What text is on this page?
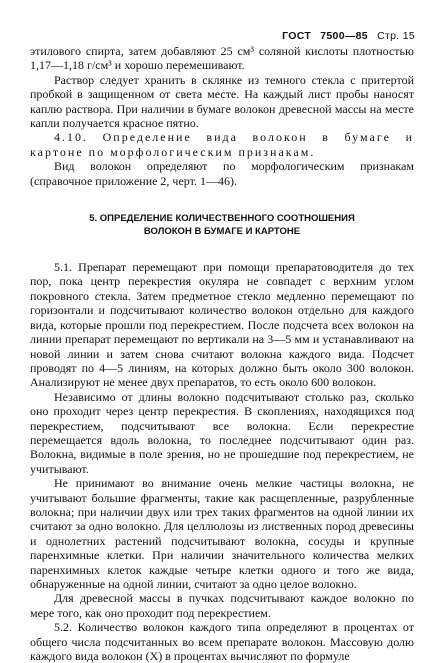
ГОСТ 7500—85 Стр. 15

этилового спирта, затем добавляют 25 см³ соляной кислоты плотностью 1,17—1,18 г/см³ и хорошо перемешивают.

Раствор следует хранить в склянке из темного стекла с притертой пробкой в защищенном от света месте. На каждый лист пробы наносят каплю раствора. При наличии в бумаге волокон древесной массы на месте капли получается красное пятно.

4.10. Определение вида волокон в бумаге и картоне по морфологическим признакам.

Вид волокон определяют по морфологическим признакам (справочное приложение 2, черт. 1—46).

5. ОПРЕДЕЛЕНИЕ КОЛИЧЕСТВЕННОГО СООТНОШЕНИЯ
ВОЛОКОН В БУМАГЕ И КАРТОНЕ

5.1. Препарат перемещают при помощи препаратоводителя до тех пор, пока центр перекрестия окуляра не совпадет с верхним углом покровного стекла. Затем предметное стекло медленно перемещают по горизонтали и подсчитывают количество волокон отдельно для каждого вида, которые прошли под перекрестием. После подсчета всех волокон на линии препарат перемещают по вертикали на 3—5 мм и устанавливают на новой линии и затем снова считают волокна каждого вида. Подсчет проводят по 4—5 линиям, на которых должно быть около 300 волокон. Анализируют не менее двух препаратов, то есть около 600 волокон.

Независимо от длины волокно подсчитывают столько раз, сколько оно проходит через центр перекрестия. В скоплениях, находящихся под перекрестием, подсчитывают все волокна. Если перекрестие перемещается вдоль волокна, то последнее подсчитывают один раз. Волокна, видимые в поле зрения, но не прошедшие под перекрестием, не учитывают.

Не принимают во внимание очень мелкие частицы волокна, не учитывают большие фрагменты, такие как расщепленные, разрубленные волокна; при наличии двух или трех таких фрагментов на одной линии их считают за одно волокно. Для целлюлозы из лиственных пород древесины и однолетних растений подсчитывают волокна, сосуды и крупные паренхимные клетки. При наличии значительного количества мелких паренхимных клеток каждые четыре клетки одного и того же вида, обнаруженные на одной линии, считают за одно целое волокно.

Для древесной массы в пучках подсчитывают каждое волокно по мере того, как оно проходит под перекрестием.

5.2. Количество волокон каждого типа определяют в процентах от общего числа подсчитанных во всем препарате волокон. Массовую долю каждого вида волокон (X) в процентах вычисляют по формуле
